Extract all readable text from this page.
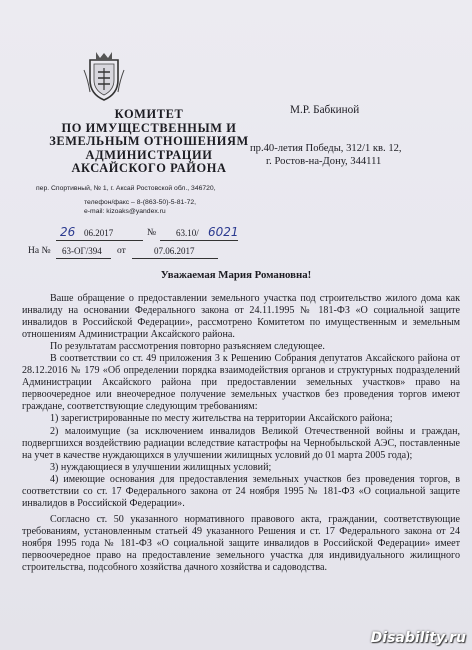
КОМИТЕТ
ПО ИМУЩЕСТВЕННЫМ И
ЗЕМЕЛЬНЫМ ОТНОШЕНИЯМ
АДМИНИСТРАЦИИ
АКСАЙСКОГО РАЙОНА
пер. Спортивный, № 1, г. Аксай Ростовской обл., 346720,
телефон/факс – 8-(863-50)-5-81-72,
e-mail: kizoaks@yandex.ru
М.Р. Бабкиной
пр.40-летия Победы, 312/1 кв. 12,
г. Ростов-на-Дону, 344111
26 06.2017	№ 63.10/ 6021
На № 63-ОГ/394 от	07.06.2017
Уважаемая Мария Романовна!

Ваше обращение о предоставлении земельного участка под строительство жилого дома как инвалиду на основании Федерального закона от 24.11.1995 № 181-ФЗ «О социальной защите инвалидов в Российской Федерации», рассмотрено Комитетом по имущественным и земельным отношениям Администрации Аксайского района.

По результатам рассмотрения повторно разъясняем следующее.

В соответствии со ст. 49 приложения 3 к Решению Собрания депутатов Аксайского района от 28.12.2016 № 179 «Об определении порядка взаимодействия органов и структурных подразделений Администрации Аксайского района при предоставлении земельных участков» право на первоочередное или внеочередное получение земельных участков без проведения торгов имеют граждане, соответствующие следующим требованиям:

1) зарегистрированные по месту жительства на территории Аксайского района;

2) малоимущие (за исключением инвалидов Великой Отечественной войны и граждан, подвергшихся воздействию радиации вследствие катастрофы на Чернобыльской АЭС, поставленные на учет в качестве нуждающихся в улучшении жилищных условий до 01 марта 2005 года);

3) нуждающиеся в улучшении жилищных условий;

4) имеющие основания для предоставления земельных участков без проведения торгов, в соответствии со ст. 17 Федерального закона от 24 ноября 1995 № 181-ФЗ «О социальной защите инвалидов в Российской Федерации».

Согласно ст. 50 указанного нормативного правового акта, граждании, соответствующие требованиям, установленным статьей 49 указанного Решения и ст. 17 Федерального закона от 24 ноября 1995 года № 181-ФЗ «О социальной защите инвалидов в Российской Федерации» имеет первоочередное право на предоставление земельного участка для индивидуального жилищного строительства, подсобного хозяйства дачного хозяйства и садоводства.

Disability.ru
